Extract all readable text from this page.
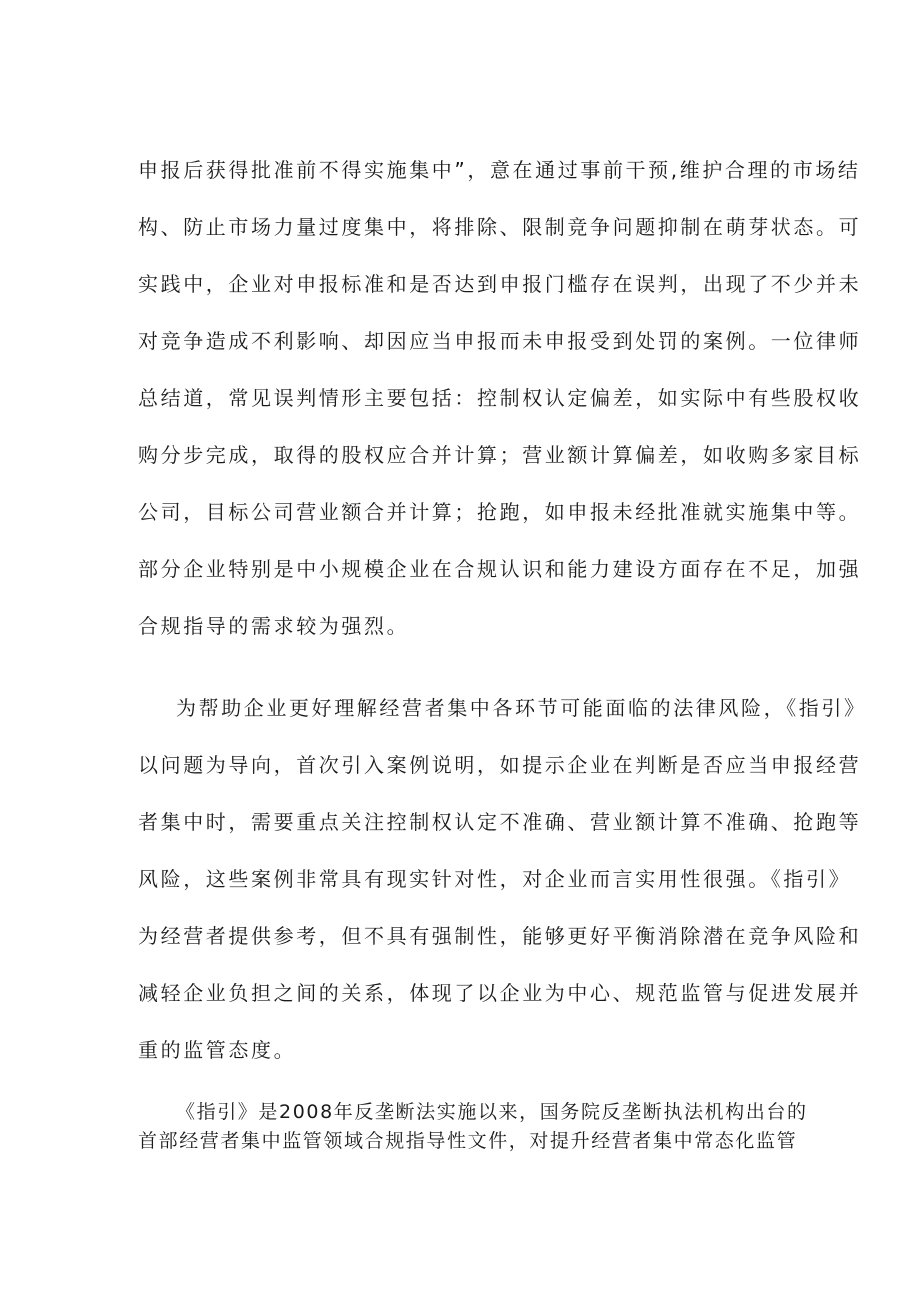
申报后获得批准前不得实施集中”，意在通过事前干预,维护合理的市场结
构、防止市场力量过度集中，将排除、限制竞争问题抑制在萌芽状态。可
实践中，企业对申报标准和是否达到申报门槛存在误判，出现了不少并未
对竞争造成不利影响、却因应当申报而未申报受到处罚的案例。一位律师
总结道，常见误判情形主要包括：控制权认定偏差，如实际中有些股权收
购分步完成，取得的股权应合并计算；营业额计算偏差，如收购多家目标
公司，目标公司营业额合并计算；抢跑，如申报未经批准就实施集中等。
部分企业特别是中小规模企业在合规认识和能力建设方面存在不足，加强
合规指导的需求较为强烈。
为帮助企业更好理解经营者集中各环节可能面临的法律风险，《指引》
以问题为导向，首次引入案例说明，如提示企业在判断是否应当申报经营
者集中时，需要重点关注控制权认定不准确、营业额计算不准确、抢跑等
风险，这些案例非常具有现实针对性，对企业而言实用性很强。《指引》
为经营者提供参考，但不具有强制性，能够更好平衡消除潜在竞争风险和
减轻企业负担之间的关系，体现了以企业为中心、规范监管与促进发展并
重的监管态度。
《指引》是2008年反垄断法实施以来，国务院反垄断执法机构出台的
首部经营者集中监管领域合规指导性文件，对提升经营者集中常态化监管
